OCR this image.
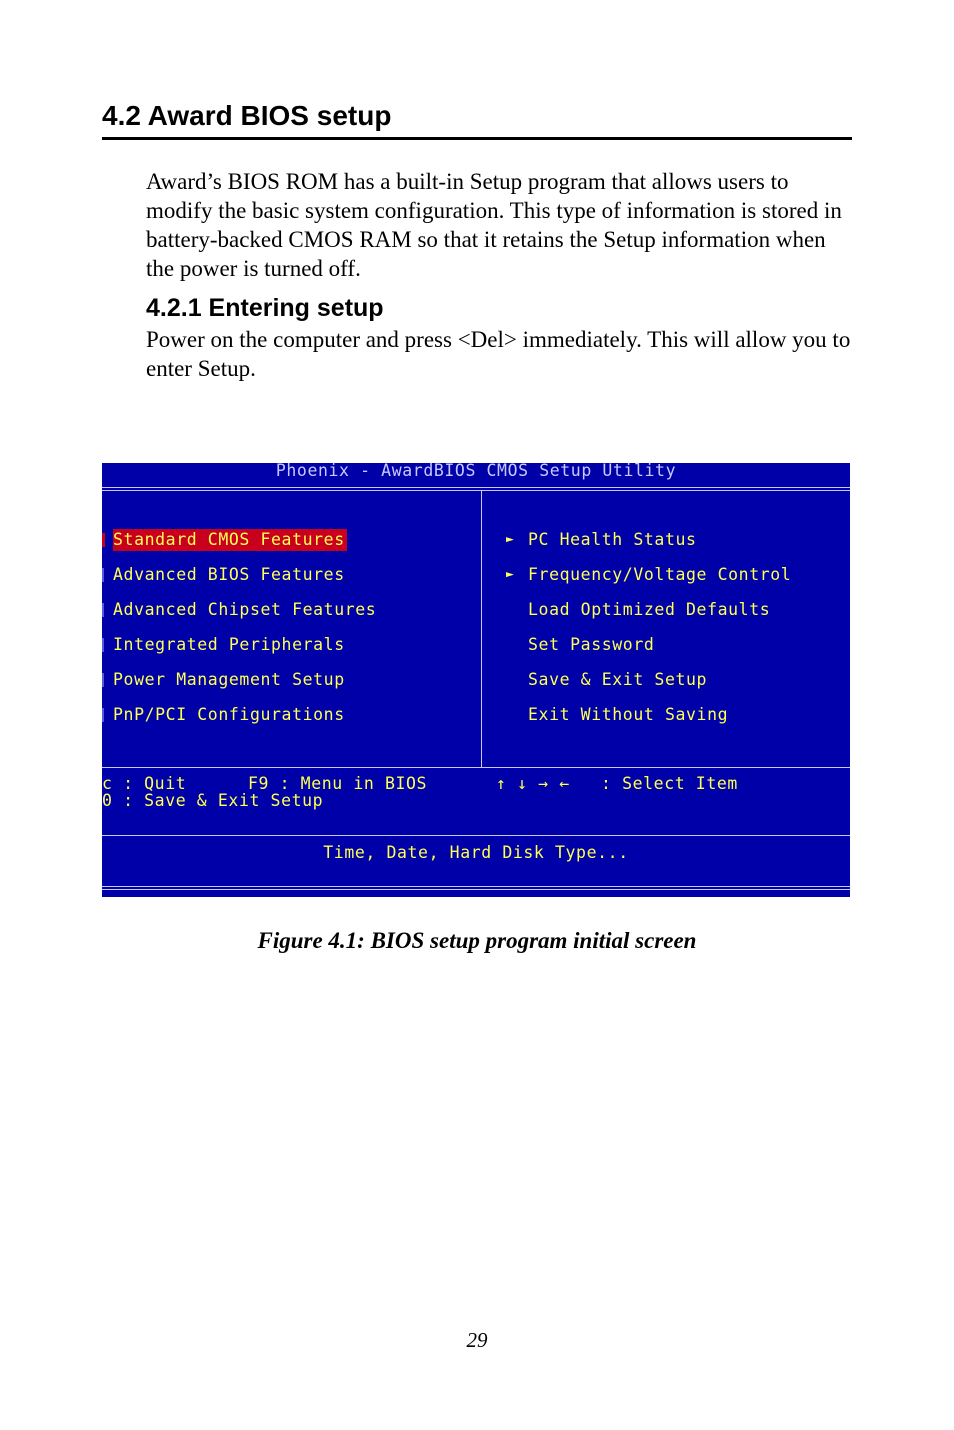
4.2 Award BIOS setup

Award’s BIOS ROM has a built-in Setup program that allows users to modify the basic system configuration. This type of information is stored in battery-backed CMOS RAM so that it retains the Setup information when the power is turned off.

4.2.1 Entering setup

Power on the computer and press <Del> immediately. This will allow you to enter Setup.

Phoenix - AwardBIOS CMOS Setup Utility
Standard CMOS Features
Advanced BIOS Features
Advanced Chipset Features
Integrated Peripherals
Power Management Setup
PnP/PCI Configurations
► PC Health Status
► Frequency/Voltage Control
Load Optimized Defaults
Set Password
Save & Exit Setup
Exit Without Saving
c : Quit	F9 : Menu in BIOS	↑ ↓ → ← : Select Item
0 : Save & Exit Setup
Time, Date, Hard Disk Type...
Figure 4.1: BIOS setup program initial screen
29
